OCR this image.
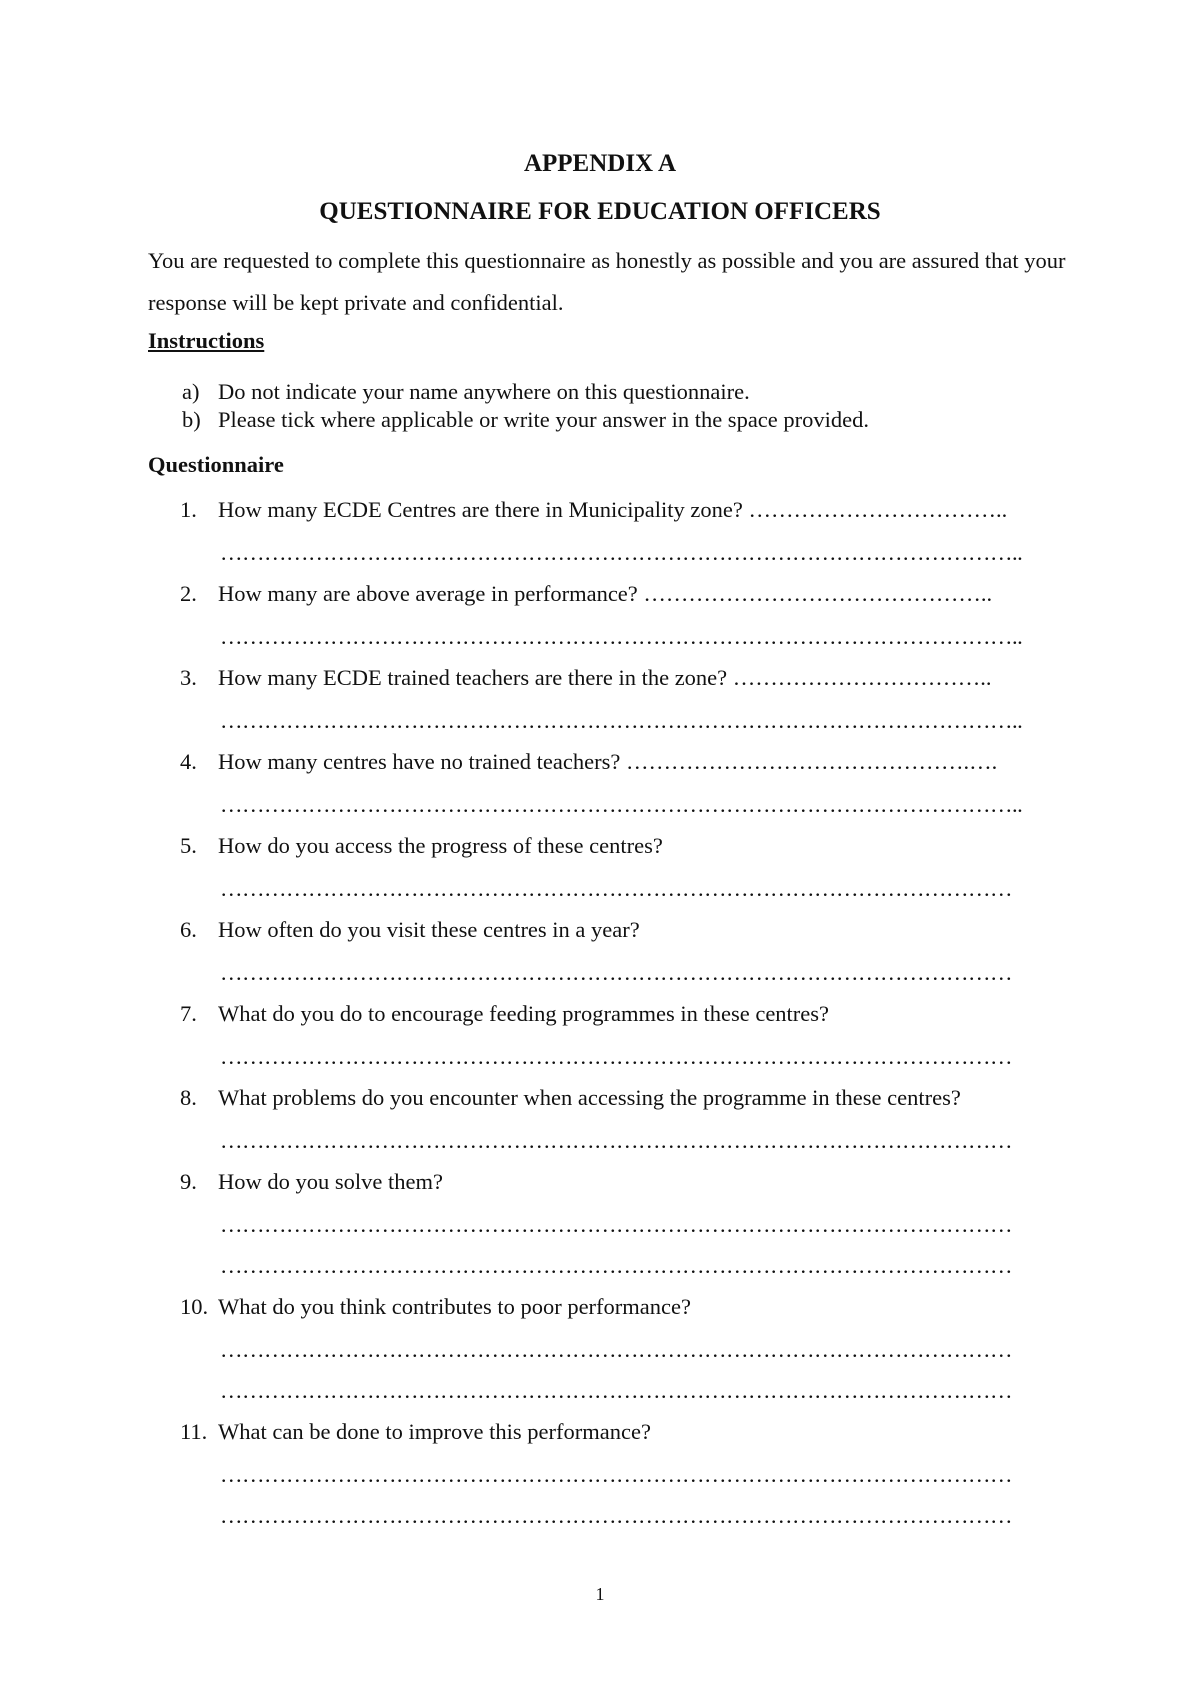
APPENDIX A

QUESTIONNAIRE FOR EDUCATION OFFICERS

You are requested to complete this questionnaire as honestly as possible and you are assured that your response will be kept private and confidential.

Instructions

a) Do not indicate your name anywhere on this questionnaire.

b) Please tick where applicable or write your answer in the space provided.

Questionnaire

1. How many ECDE Centres are there in Municipality zone? ……………………………..

………………………………………………………………………………………………..

2. How many are above average in performance? ………………………………………..

………………………………………………………………………………………………..

3. How many ECDE trained teachers are there in the zone? ……………………………..

………………………………………………………………………………………………..

4. How many centres have no trained teachers? ……………………………………….….

………………………………………………………………………………………………..

5. How do you access the progress of these centres?

………………………………………………………………………………………………

6. How often do you visit these centres in a year?

………………………………………………………………………………………………

7. What do you do to encourage feeding programmes in these centres?

………………………………………………………………………………………………

8. What problems do you encounter when accessing the programme in these centres?

………………………………………………………………………………………………

9. How do you solve them?

………………………………………………………………………………………………

………………………………………………………………………………………………

10. What do you think contributes to poor performance?

………………………………………………………………………………………………

………………………………………………………………………………………………

11. What can be done to improve this performance?

………………………………………………………………………………………………

………………………………………………………………………………………………

1
